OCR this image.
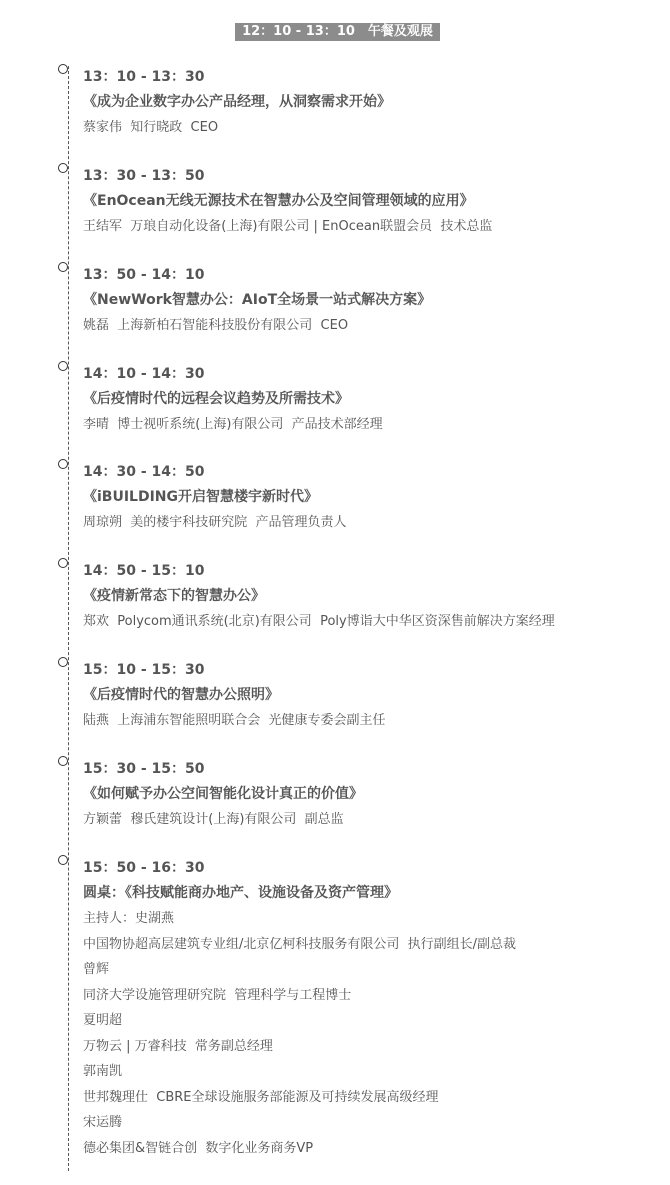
12：10 - 13：10　午餐及观展
13：10 - 13：30
《成为企业数字办公产品经理，从洞察需求开始》
蔡家伟  知行晓政  CEO
13：30 - 13：50
《EnOcean无线无源技术在智慧办公及空间管理领域的应用》
王结军  万琅自动化设备(上海)有限公司 | EnOcean联盟会员  技术总监
13：50 - 14：10
《NewWork智慧办公：AIoT全场景一站式解决方案》
姚磊  上海新柏石智能科技股份有限公司  CEO
14：10 - 14：30
《后疫情时代的远程会议趋势及所需技术》
李晴  博士视听系统(上海)有限公司  产品技术部经理
14：30 - 14：50
《iBUILDING开启智慧楼宇新时代》
周琼朔  美的楼宇科技研究院  产品管理负责人
14：50 - 15：10
《疫情新常态下的智慧办公》
郑欢  Polycom通讯系统(北京)有限公司  Poly博诣大中华区资深售前解决方案经理
15：10 - 15：30
《后疫情时代的智慧办公照明》
陆燕  上海浦东智能照明联合会  光健康专委会副主任
15：30 - 15：50
《如何赋予办公空间智能化设计真正的价值》
方颖蕾  穆氏建筑设计(上海)有限公司  副总监
15：50 - 16：30
圆桌：《科技赋能商办地产、设施设备及资产管理》
主持人：史湖燕
中国物协超高层建筑专业组/北京亿柯科技服务有限公司  执行副组长/副总裁
曾辉
同济大学设施管理研究院  管理科学与工程博士
夏明超
万物云 | 万睿科技  常务副总经理
郭南凯
世邦魏理仕  CBRE全球设施服务部能源及可持续发展高级经理
宋运腾
德必集团&智链合创  数字化业务商务VP
